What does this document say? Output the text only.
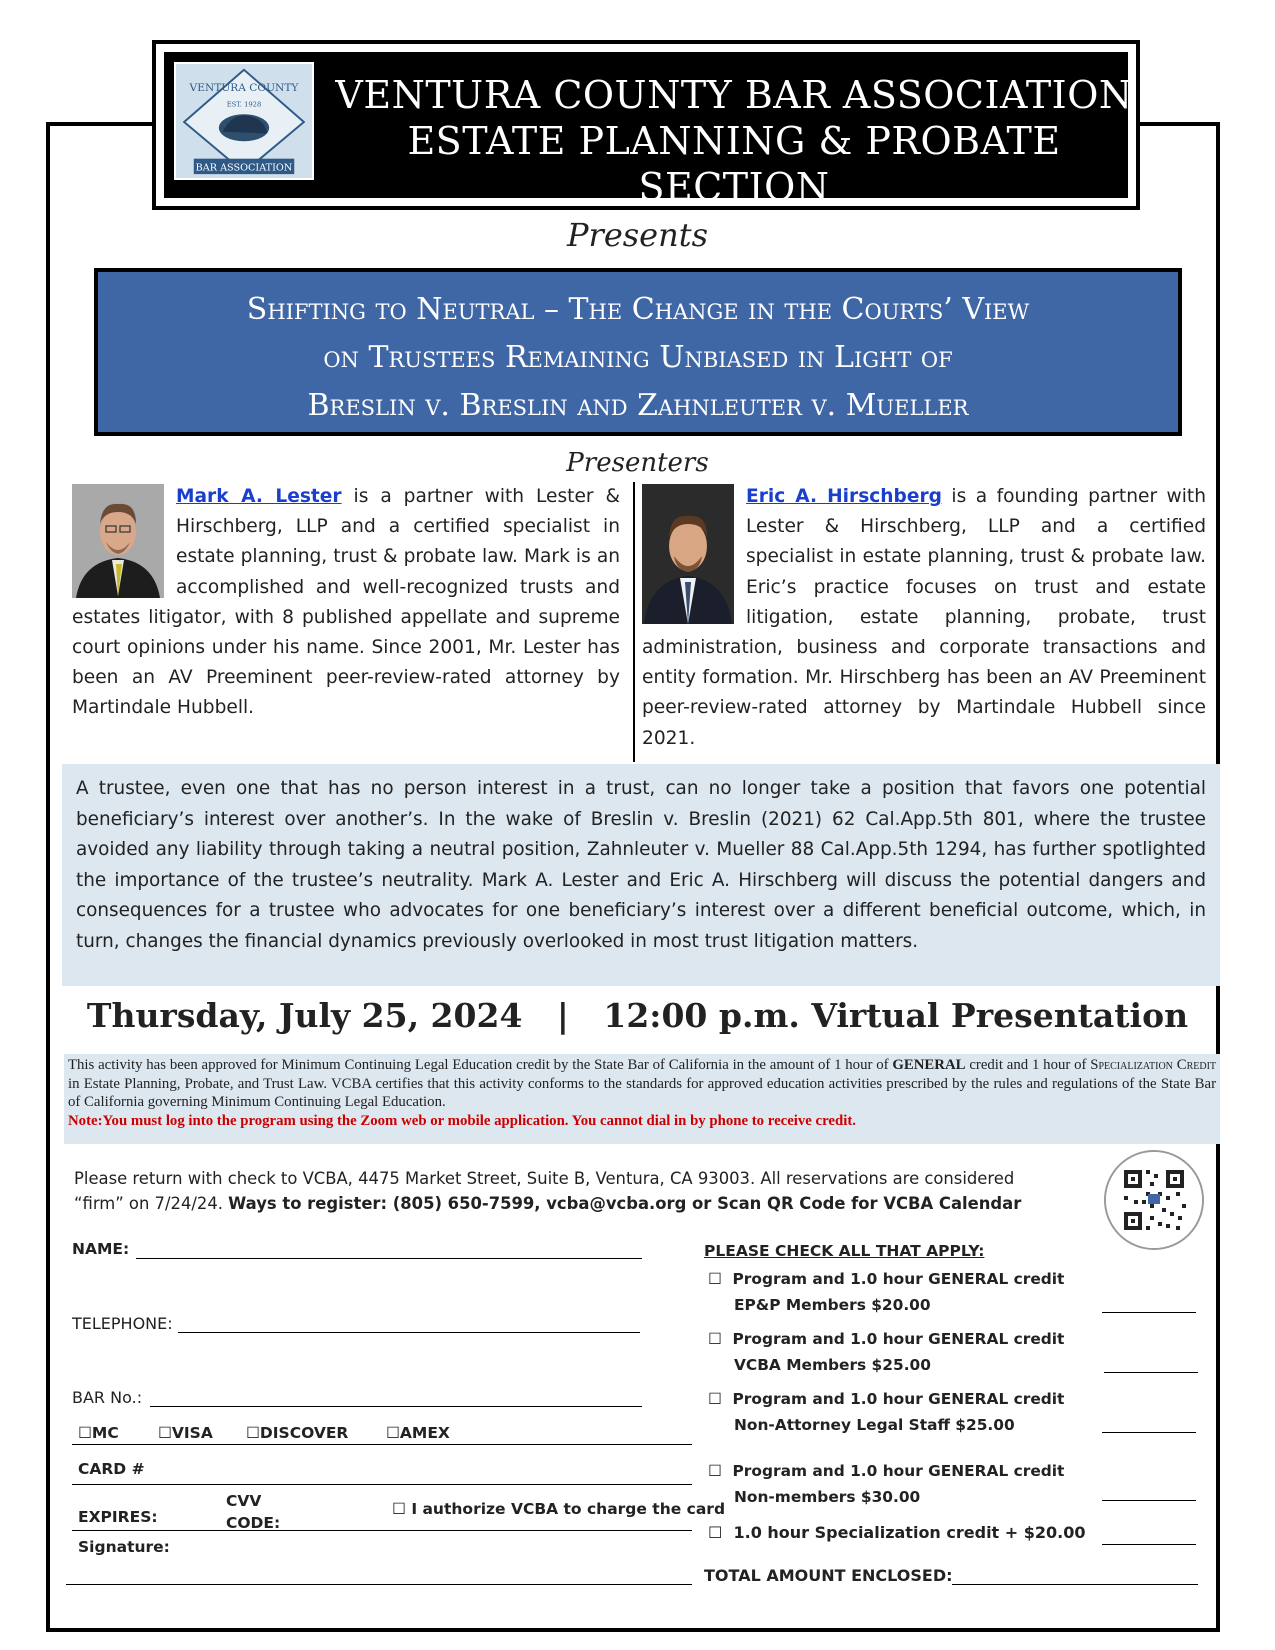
BAR ASSOCIATION
VENTURA COUNTY
EST. 1928 VENTURA COUNTY BAR ASSOCIATION
ESTATE PLANNING & PROBATE SECTION
Presents
Shifting to Neutral – The Change in the Courts’ View
on Trustees Remaining Unbiased in Light of
Breslin v. Breslin and Zahnleuter v. Mueller
Presenters
Mark A. Lester is a partner with Lester & Hirschberg, LLP and a certified specialist in estate planning, trust & probate law. Mark is an accomplished and well-recognized trusts and estates litigator, with 8 published appellate and supreme court opinions under his name. Since 2001, Mr. Lester has been an AV Preeminent peer-review-rated attorney by Martindale Hubbell.
Eric A. Hirschberg is a founding partner with Lester & Hirschberg, LLP and a certified specialist in estate planning, trust & probate law. Eric’s practice focuses on trust and estate litigation, estate planning, probate, trust administration, business and corporate transactions and entity formation. Mr. Hirschberg has been an AV Preeminent peer-review-rated attorney by Martindale Hubbell since 2021.
A trustee, even one that has no person interest in a trust, can no longer take a position that favors one potential beneficiary’s interest over another’s. In the wake of Breslin v. Breslin (2021) 62 Cal.App.5th 801, where the trustee avoided any liability through taking a neutral position, Zahnleuter v. Mueller 88 Cal.App.5th 1294, has further spotlighted the importance of the trustee’s neutrality. Mark A. Lester and Eric A. Hirschberg will discuss the potential dangers and consequences for a trustee who advocates for one beneficiary’s interest over a different beneficial outcome, which, in turn, changes the financial dynamics previously overlooked in most trust litigation matters.
Thursday, July 25, 2024 | 12:00 p.m. Virtual Presentation
This activity has been approved for Minimum Continuing Legal Education credit by the State Bar of California in the amount of 1 hour of GENERAL credit and 1 hour of Specialization Credit in Estate Planning, Probate, and Trust Law. VCBA certifies that this activity conforms to the standards for approved education activities prescribed by the rules and regulations of the State Bar of California governing Minimum Continuing Legal Education.
Note:You must log into the program using the Zoom web or mobile application. You cannot dial in by phone to receive credit.
Please return with check to VCBA, 4475 Market Street, Suite B, Ventura, CA 93003. All reservations are considered “firm” on 7/24/24. Ways to register: (805) 650-7599, vcba@vcba.org or Scan QR Code for VCBA Calendar
NAME:
TELEPHONE:
BAR No.:
☐MC	☐VISA ☐DISCOVER ☐AMEX
CARD #
EXPIRES:
CVV
CODE:
☐ I authorize VCBA to charge the card
Signature:
PLEASE CHECK ALL THAT APPLY:
☐ Program and 1.0 hour GENERAL credit
EP&P Members $20.00
☐ Program and 1.0 hour GENERAL credit
VCBA Members $25.00
☐ Program and 1.0 hour GENERAL credit
Non-Attorney Legal Staff $25.00
☐ Program and 1.0 hour GENERAL credit
Non-members $30.00
☐ 1.0 hour Specialization credit + $20.00
TOTAL AMOUNT ENCLOSED:
